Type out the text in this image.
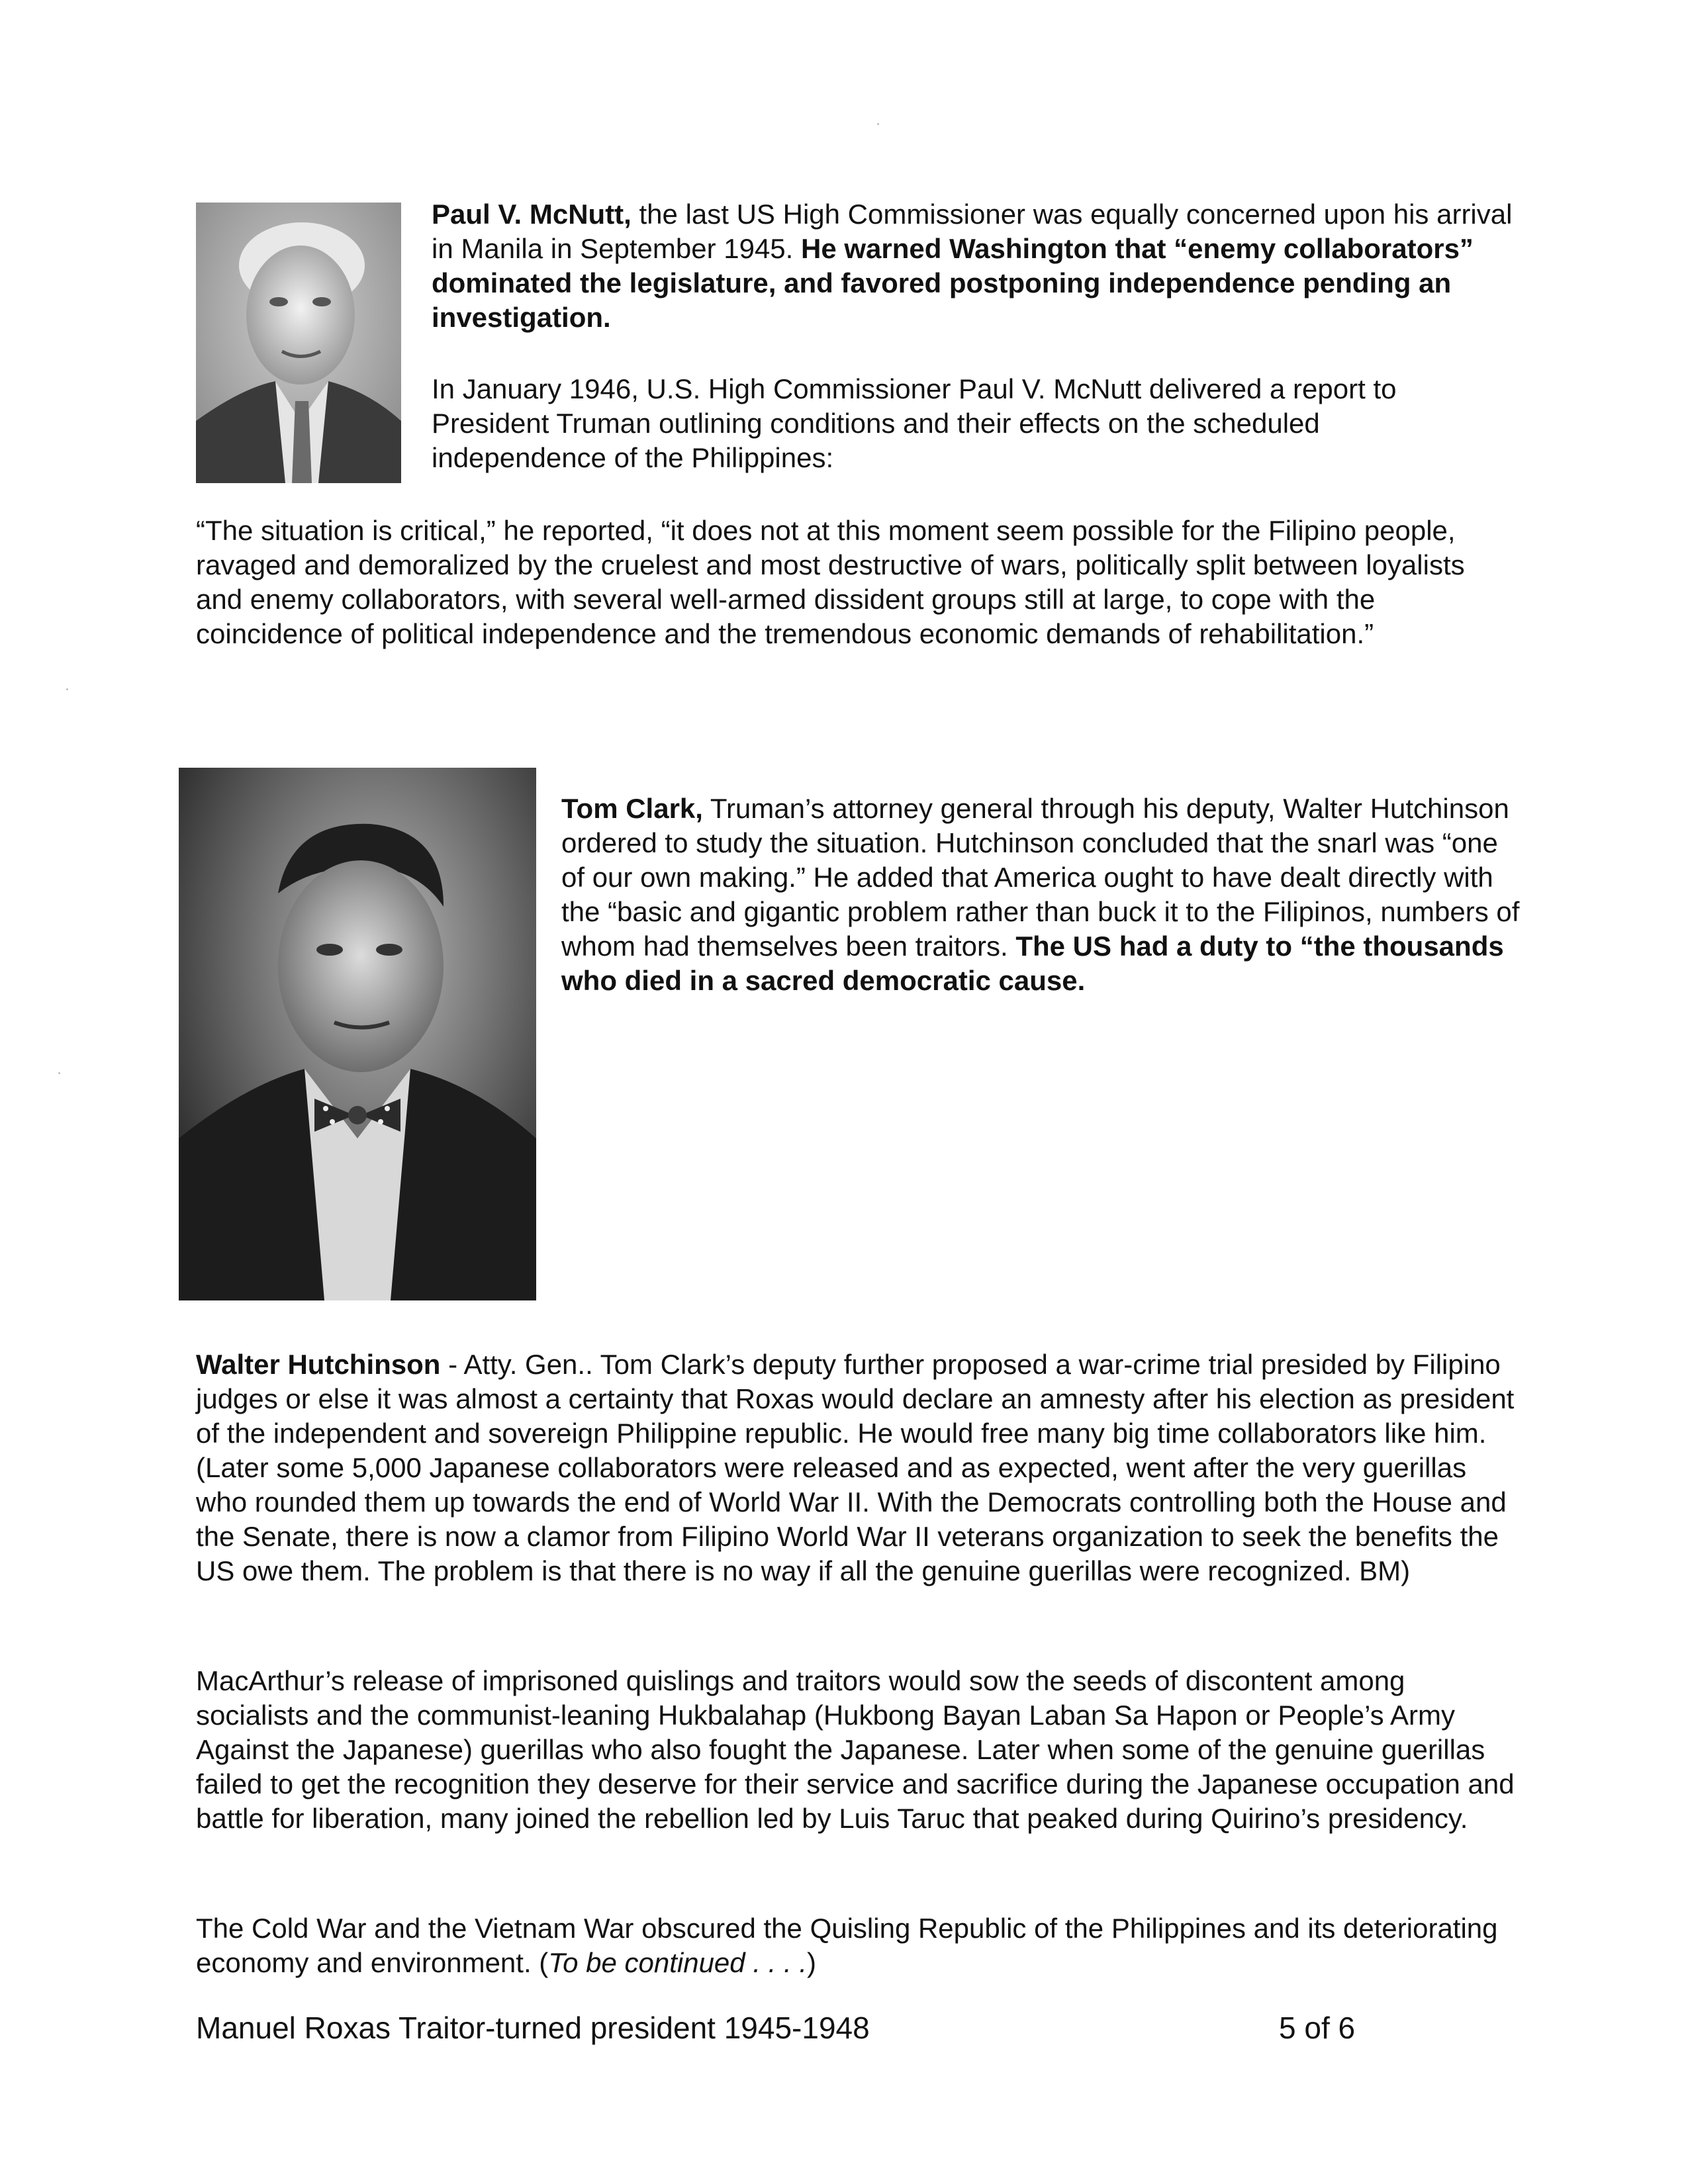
Paul V. McNutt, the last US High Commissioner was equally concerned upon his arrival in Manila in September 1945. He warned Washington that “enemy collaborators” dominated the legislature, and favored postponing independence pending an investigation.

In January 1946, U.S. High Commissioner Paul V. McNutt delivered a report to President Truman outlining conditions and their effects on the scheduled independence of the Philippines:

“The situation is critical,” he reported, “it does not at this moment seem possible for the Filipino people, ravaged and demoralized by the cruelest and most destructive of wars, politically split between loyalists and enemy collaborators, with several well-armed dissident groups still at large, to cope with the coincidence of political independence and the tremendous economic demands of rehabilitation.”

Tom Clark, Truman’s attorney general through his deputy, Walter Hutchinson ordered to study the situation. Hutchinson concluded that the snarl was “one of our own making.” He added that America ought to have dealt directly with the “basic and gigantic problem rather than buck it to the Filipinos, numbers of whom had themselves been traitors. The US had a duty to “the thousands who died in a sacred democratic cause.
Walter Hutchinson - Atty. Gen.. Tom Clark’s deputy further proposed a war-crime trial presided by Filipino judges or else it was almost a certainty that Roxas would declare an amnesty after his election as president of the independent and sovereign Philippine republic. He would free many big time collaborators like him. (Later some 5,000 Japanese collaborators were released and as expected, went after the very guerillas who rounded them up towards the end of World War II. With the Democrats controlling both the House and the Senate, there is now a clamor from Filipino World War II veterans organization to seek the benefits the US owe them. The problem is that there is no way if all the genuine guerillas were recognized. BM)

MacArthur’s release of imprisoned quislings and traitors would sow the seeds of discontent among socialists and the communist-leaning Hukbalahap (Hukbong Bayan Laban Sa Hapon or People’s Army Against the Japanese) guerillas who also fought the Japanese. Later when some of the genuine guerillas failed to get the recognition they deserve for their service and sacrifice during the Japanese occupation and battle for liberation, many joined the rebellion led by Luis Taruc that peaked during Quirino’s presidency.

The Cold War and the Vietnam War obscured the Quisling Republic of the Philippines and its deteriorating economy and environment. (To be continued . . . .)
Manuel Roxas Traitor-turned president 1945-1948	5 of 6
